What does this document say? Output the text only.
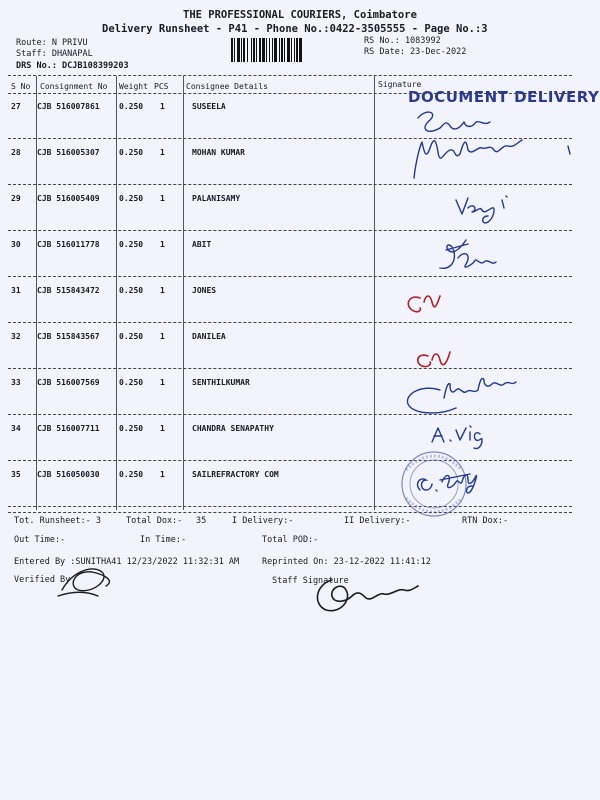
THE PROFESSIONAL COURIERS, Coimbatore
Delivery Runsheet - P41 - Phone No.:0422-3505555 - Page No.:3
Route: N PRIVU
Staff: DHANAPAL
DRS No.: DCJB108399203
RS No.: 1083992
RS Date: 23-Dec-2022
S No Consignment No Weight PCS Consignee Details	Signature
27 CJB 516007861 0.250 1	SUSEELA
28 CJB 516005307 0.250 1	MOHAN KUMAR
29 CJB 516005409 0.250 1	PALANISAMY
30 CJB 516011778 0.250 1	ABIT
31 CJB 515843472 0.250 1	JONES
32 CJB 515843567 0.250 1	DANILEA
33 CJB 516007569 0.250 1	SENTHILKUMAR
34 CJB 516007711 0.250 1	CHANDRA SENAPATHY
35 CJB 516050030 0.250 1	SAILREFRACTORY COM
DOCUMENT DELIVERY
Tot. Runsheet:- 3	Total Dox:- 35	I Delivery:-	II Delivery:-	RTN Dox:-
Out Time:-	In Time:-	Total POD:-
Entered By :SUNITHA41 12/23/2022 11:32:31 AM	Reprinted On: 23-12-2022 11:41:12
Verified By	Staff Signature
